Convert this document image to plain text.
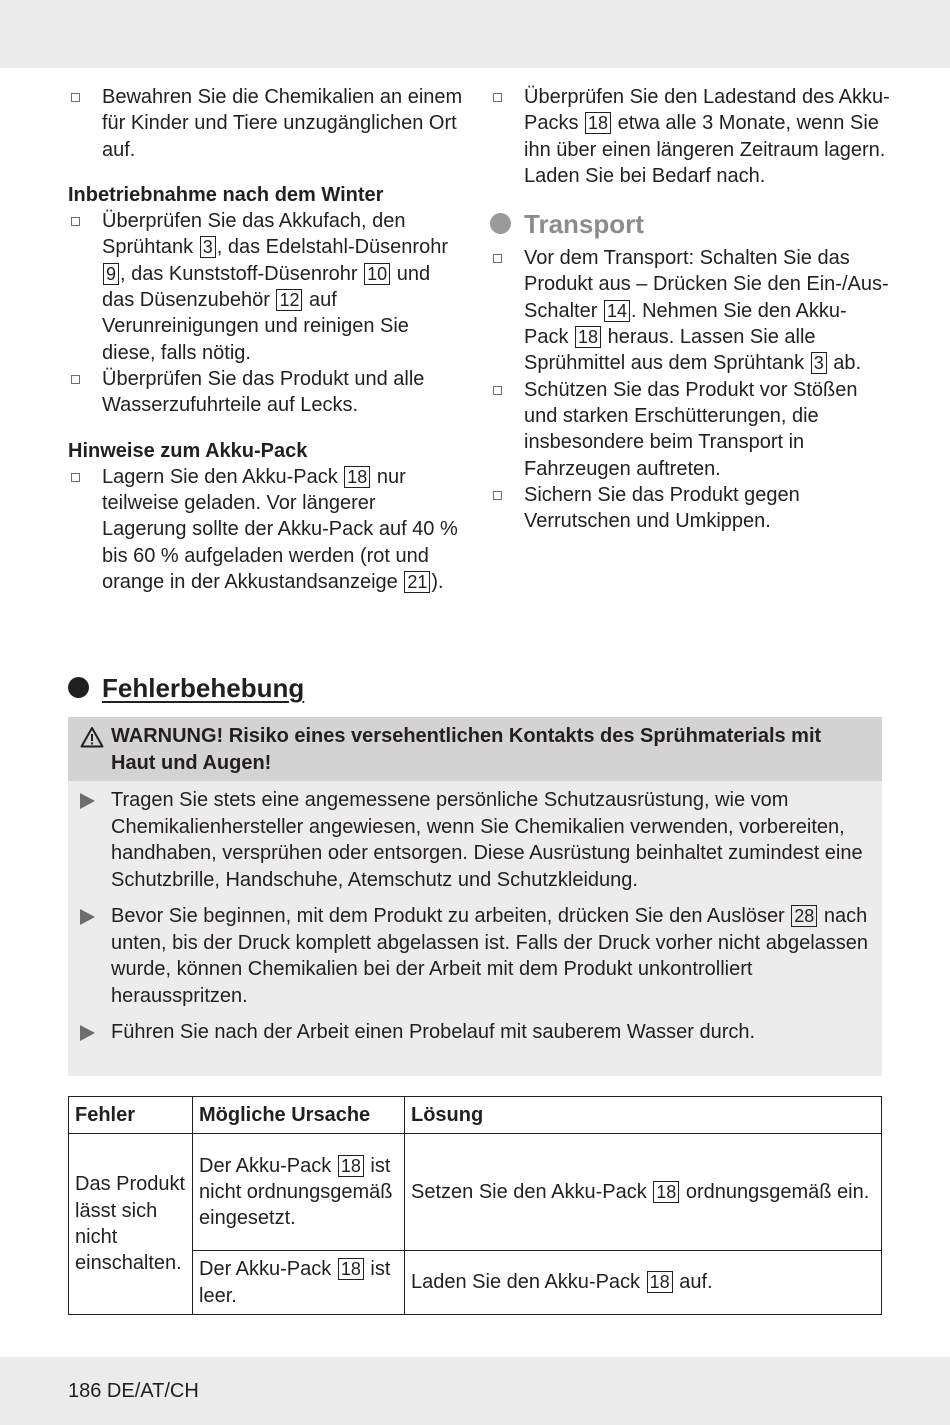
Bewahren Sie die Chemikalien an einem für Kinder und Tiere unzugänglichen Ort auf.
Inbetriebnahme nach dem Winter
Überprüfen Sie das Akkufach, den Sprühtank 3 , das Edelstahl-Düsenrohr 9 , das Kunststoff-Düsenrohr 10 und das Düsenzubehör 12 auf Verunreinigungen und reinigen Sie diese, falls nötig.
Überprüfen Sie das Produkt und alle Wasserzufuhrteile auf Lecks.
Hinweise zum Akku-Pack
Lagern Sie den Akku-Pack 18 nur teilweise geladen. Vor längerer Lagerung sollte der Akku-Pack auf 40 % bis 60 % aufgeladen werden (rot und orange in der Akkustandsanzeige 21 ).
Überprüfen Sie den Ladestand des Akku-Packs 18 etwa alle 3 Monate, wenn Sie ihn über einen längeren Zeitraum lagern. Laden Sie bei Bedarf nach.
Transport
Vor dem Transport: Schalten Sie das Produkt aus – Drücken Sie den Ein-/Aus-Schalter 14 . Nehmen Sie den Akku-Pack 18 heraus. Lassen Sie alle Sprühmittel aus dem Sprühtank 3 ab.
Schützen Sie das Produkt vor Stößen und starken Erschütterungen, die insbesondere beim Transport in Fahrzeugen auftreten.
Sichern Sie das Produkt gegen Verrutschen und Umkippen.
Fehlerbehebung
WARNUNG! Risiko eines versehentlichen Kontakts des Sprühmaterials mit Haut und Augen!
Tragen Sie stets eine angemessene persönliche Schutzausrüstung, wie vom Chemikalienhersteller angewiesen, wenn Sie Chemikalien verwenden, vorbereiten, handhaben, versprühen oder entsorgen. Diese Ausrüstung beinhaltet zumindest eine Schutzbrille, Handschuhe, Atemschutz und Schutzkleidung.
Bevor Sie beginnen, mit dem Produkt zu arbeiten, drücken Sie den Auslöser 28 nach unten, bis der Druck komplett abgelassen ist. Falls der Druck vorher nicht abgelassen wurde, können Chemikalien bei der Arbeit mit dem Produkt unkontrolliert herausspritzen.
Führen Sie nach der Arbeit einen Probelauf mit sauberem Wasser durch.
Fehler	Mögliche Ursache	Lösung
Das Produkt lässt sich nicht einschalten.	Der Akku-Pack 18 ist nicht ordnungsgemäß eingesetzt.	Setzen Sie den Akku-Pack 18 ordnungsgemäß ein.
	Der Akku-Pack 18 ist leer.	Laden Sie den Akku-Pack 18 auf.
186 DE/AT/CH
